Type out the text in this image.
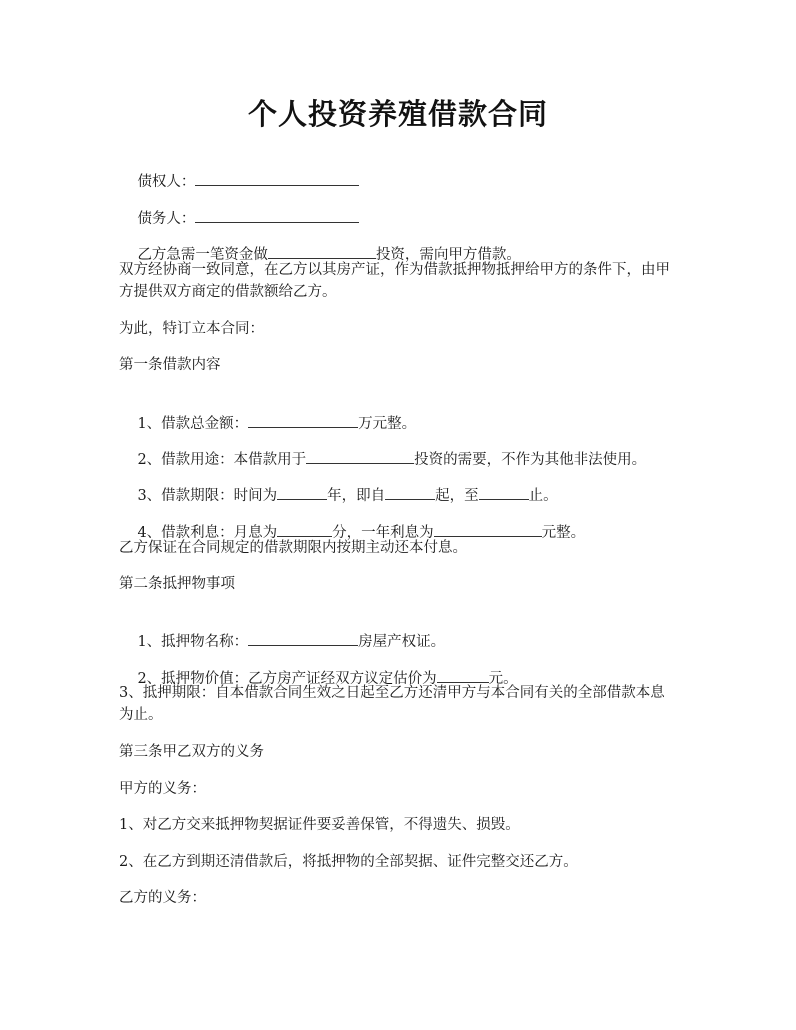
个人投资养殖借款合同

债权人：

债务人：

乙方急需一笔资金做	投资，需向甲方借款。

双方经协商一致同意，在乙方以其房产证，作为借款抵押物抵押给甲方的条件下，由甲方提供双方商定的借款额给乙方。
为此，特订立本合同：
第一条借款内容

1、借款总金额：	万元整。

2、借款用途：本借款用于	投资的需要，不作为其他非法使用。

3、借款期限：时间为	年，即自	起，至	止。

4、借款利息：月息为	分，一年利息为	元整。

乙方保证在合同规定的借款期限内按期主动还本付息。
第二条抵押物事项

1、抵押物名称：	房屋产权证。

2、抵押物价值：乙方房产证经双方议定估价为	元。

3、抵押期限：自本借款合同生效之日起至乙方还清甲方与本合同有关的全部借款本息为止。
第三条甲乙双方的义务
甲方的义务：
1、对乙方交来抵押物契据证件要妥善保管，不得遗失、损毁。
2、在乙方到期还清借款后，将抵押物的全部契据、证件完整交还乙方。
乙方的义务：
